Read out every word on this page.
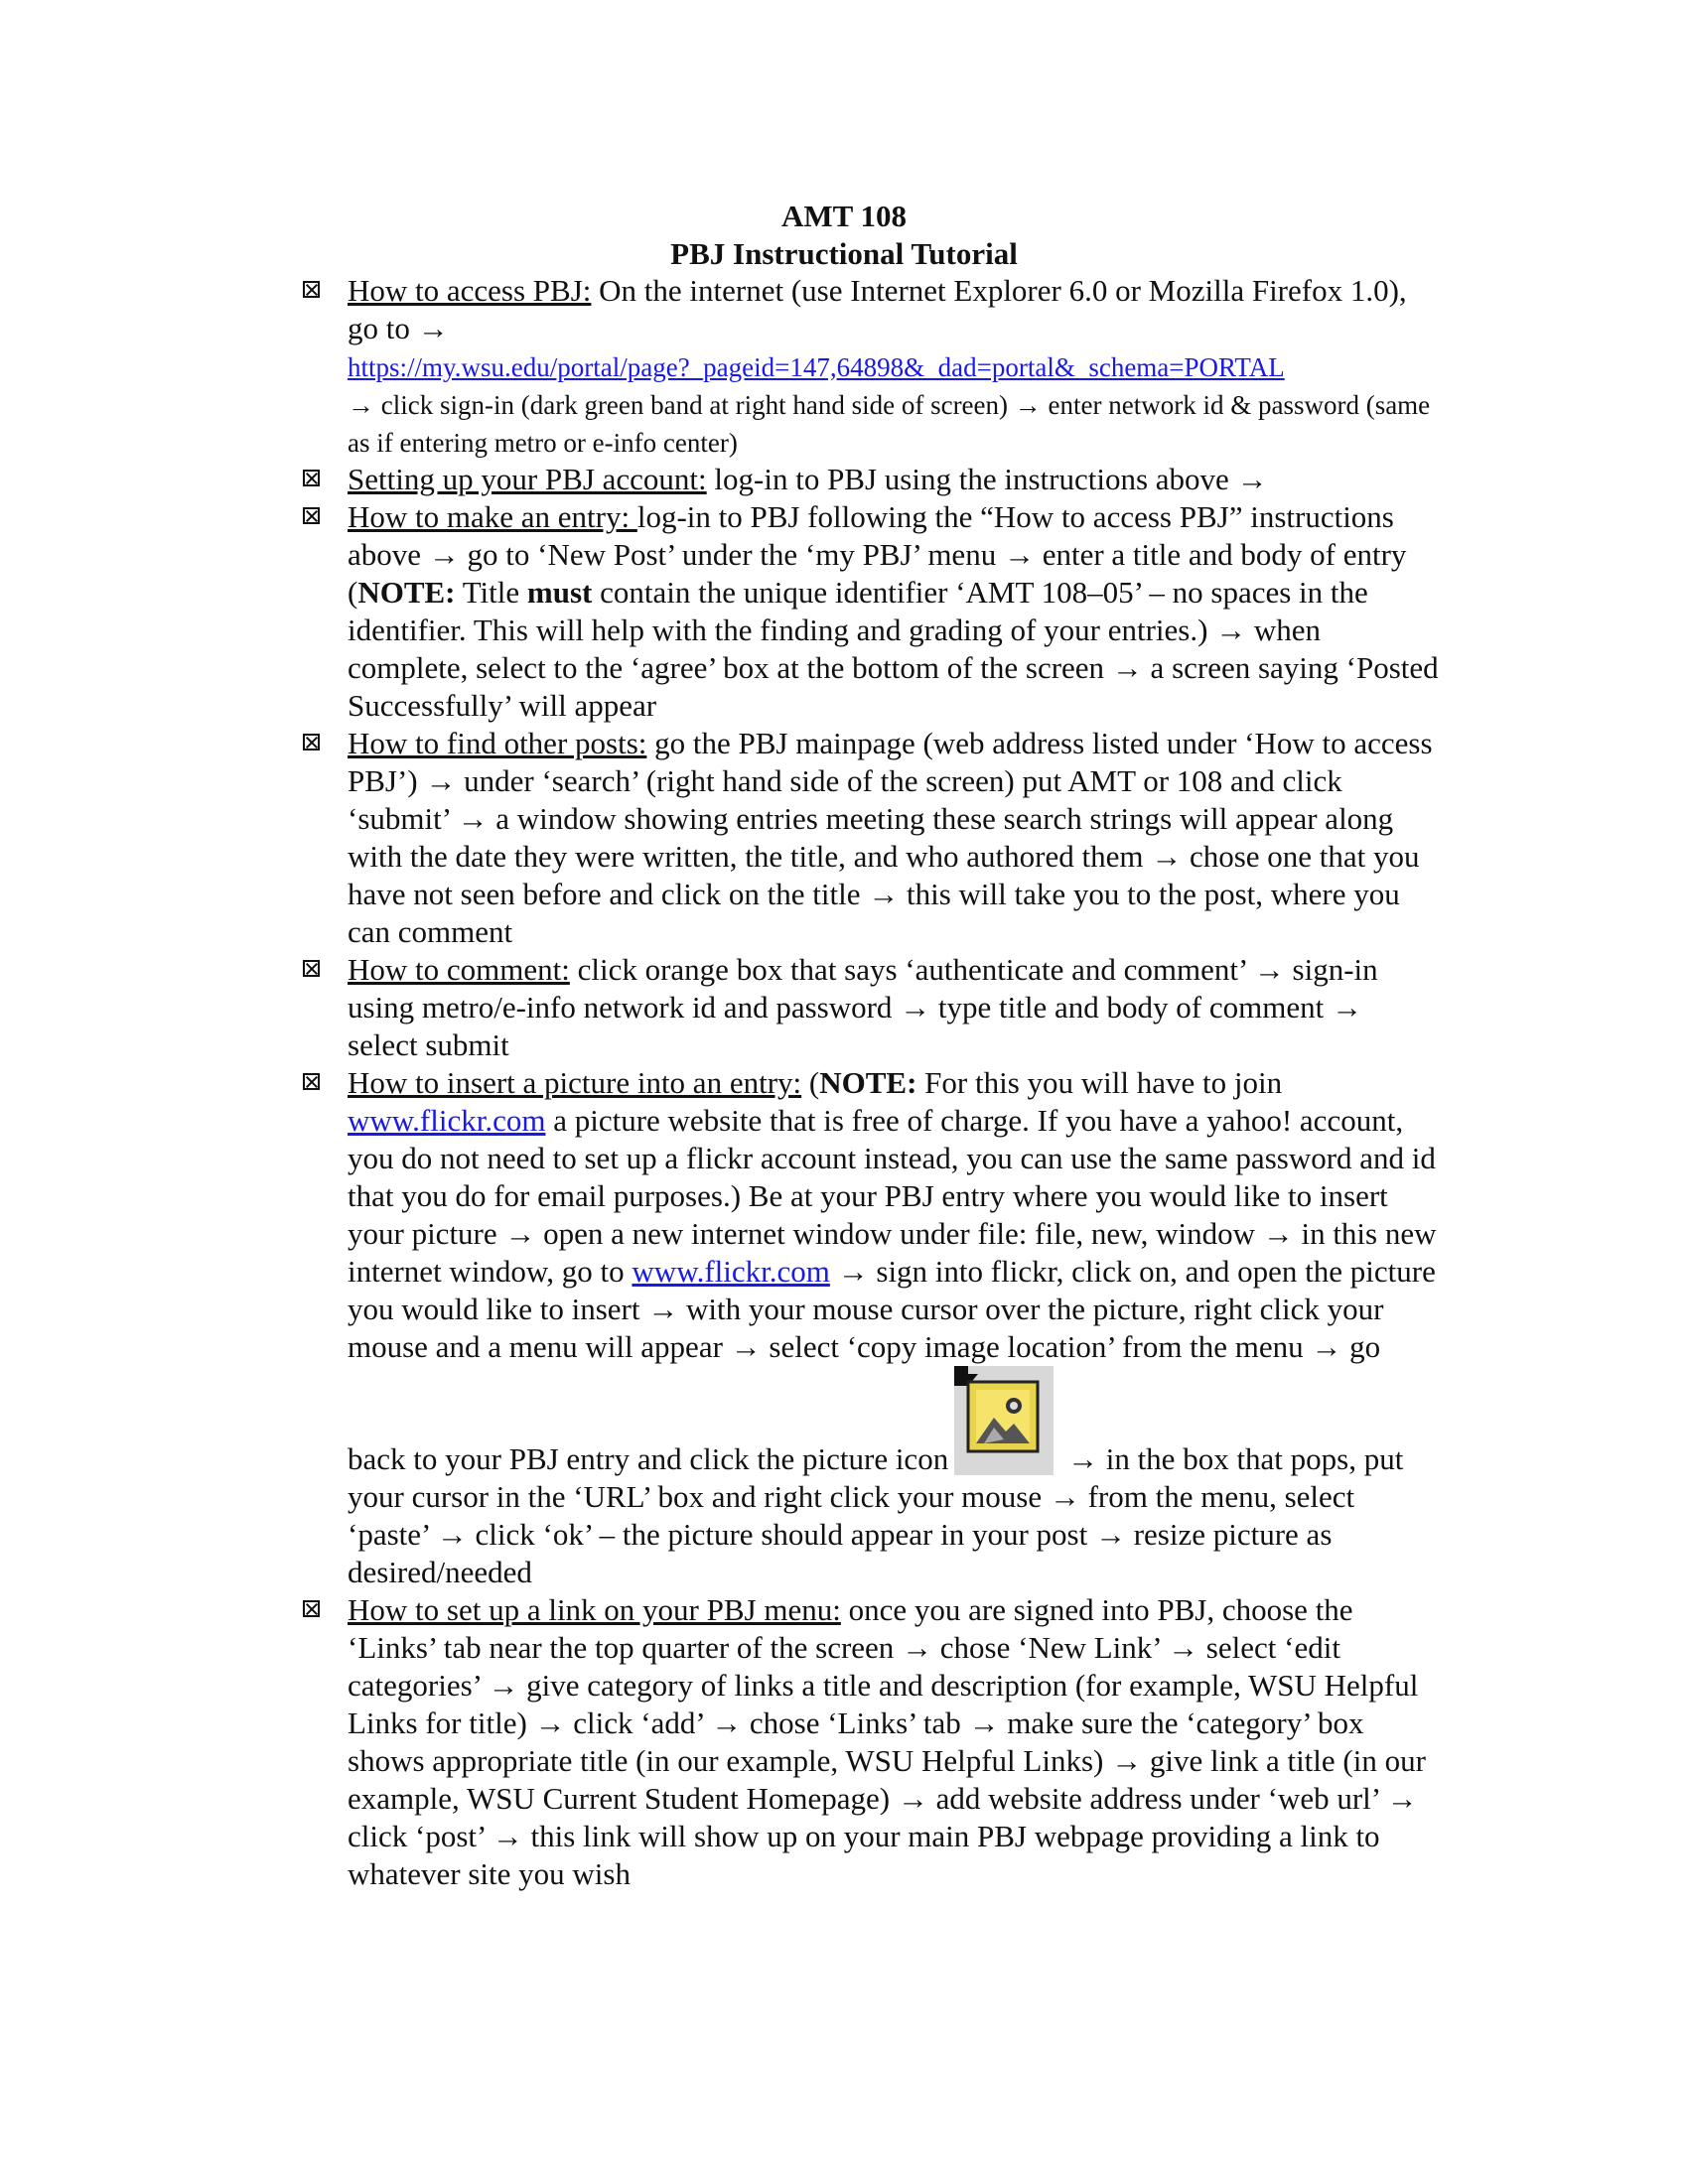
AMT 108
PBJ Instructional Tutorial
How to access PBJ: On the internet (use Internet Explorer 6.0 or Mozilla Firefox 1.0), go to →
https://my.wsu.edu/portal/page?_pageid=147,64898&_dad=portal&_schema=PORTAL
→ click sign-in (dark green band at right hand side of screen) → enter network id & password (same as if entering metro or e-info center)
Setting up your PBJ account: log-in to PBJ using the instructions above →
How to make an entry: log-in to PBJ following the “How to access PBJ” instructions above → go to ‘New Post’ under the ‘my PBJ’ menu → enter a title and body of entry (NOTE: Title must contain the unique identifier ‘AMT 108–05’ – no spaces in the identifier. This will help with the finding and grading of your entries.) → when complete, select to the ‘agree’ box at the bottom of the screen → a screen saying ‘Posted Successfully’ will appear
How to find other posts: go the PBJ mainpage (web address listed under ‘How to access PBJ’) → under ‘search’ (right hand side of the screen) put AMT or 108 and click ‘submit’ → a window showing entries meeting these search strings will appear along with the date they were written, the title, and who authored them → chose one that you have not seen before and click on the title → this will take you to the post, where you can comment
How to comment: click orange box that says ‘authenticate and comment’ → sign-in using metro/e-info network id and password → type title and body of comment → select submit
How to insert a picture into an entry: (NOTE: For this you will have to join www.flickr.com a picture website that is free of charge. If you have a yahoo! account, you do not need to set up a flickr account instead, you can use the same password and id that you do for email purposes.) Be at your PBJ entry where you would like to insert your picture → open a new internet window under file: file, new, window → in this new internet window, go to www.flickr.com → sign into flickr, click on, and open the picture you would like to insert → with your mouse cursor over the picture, right click your mouse and a menu will appear → select ‘copy image location’ from the menu → go back to your PBJ entry and click the picture icon	→ in the box that pops, put your cursor in the ‘URL’ box and right click your mouse → from the menu, select ‘paste’ → click ‘ok’ – the picture should appear in your post → resize picture as desired/needed
How to set up a link on your PBJ menu: once you are signed into PBJ, choose the ‘Links’ tab near the top quarter of the screen → chose ‘New Link’ → select ‘edit categories’ → give category of links a title and description (for example, WSU Helpful Links for title) → click ‘add’ → chose ‘Links’ tab → make sure the ‘category’ box shows appropriate title (in our example, WSU Helpful Links) → give link a title (in our example, WSU Current Student Homepage) → add website address under ‘web url’ → click ‘post’ → this link will show up on your main PBJ webpage providing a link to whatever site you wish
